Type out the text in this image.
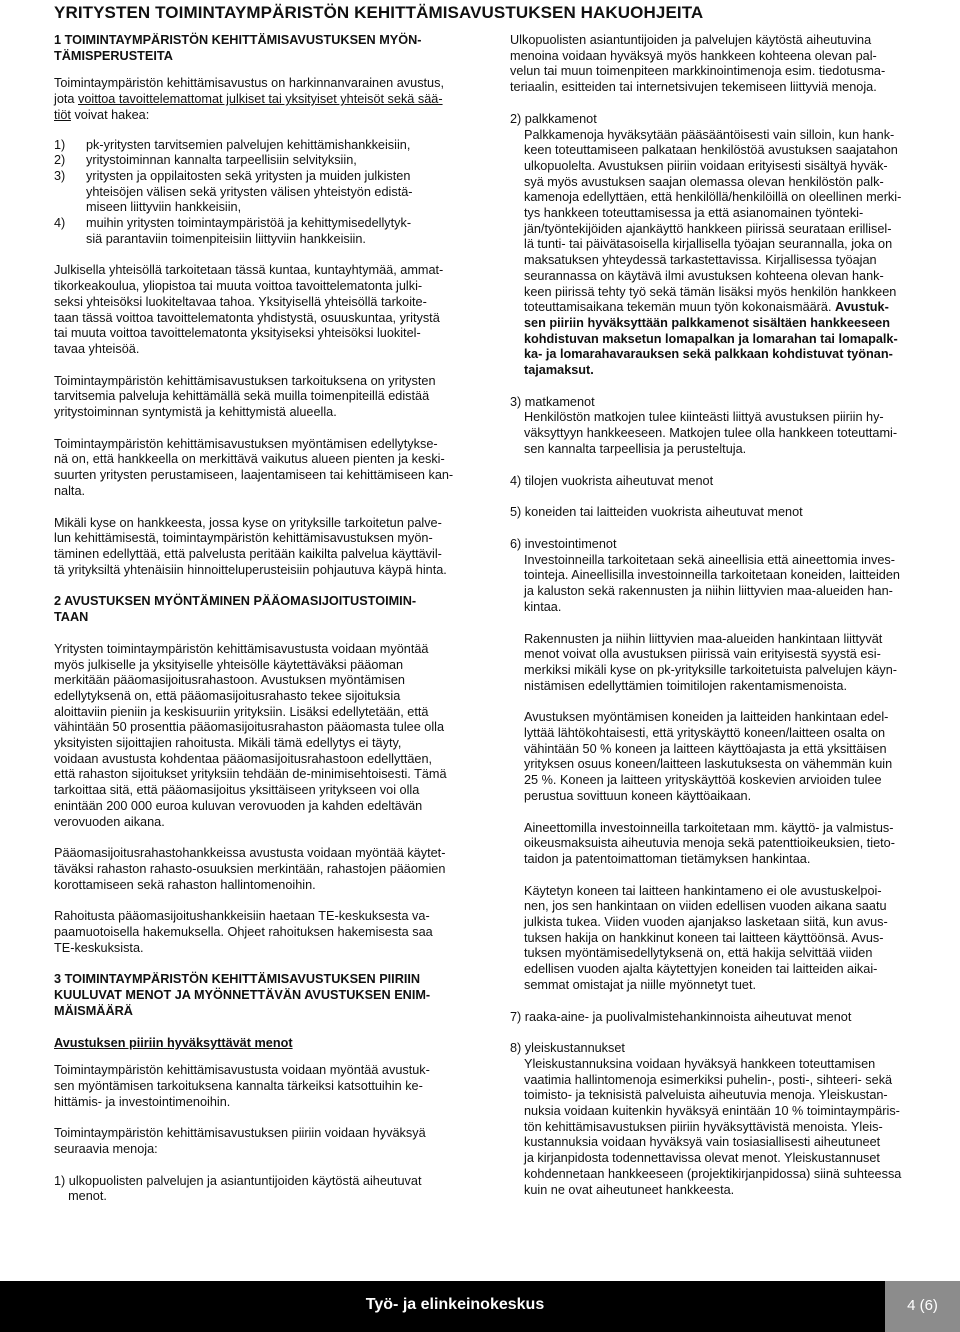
YRITYSTEN TOIMINTAYMPÄRISTÖN KEHITTÄMISAVUSTUKSEN HAKUOHJEITA

1 TOIMINTAYMPÄRISTÖN KEHITTÄMISAVUSTUKSEN MYÖN-
TÄMISPERUSTEITA

Toimintaympäristön kehittämisavustus on harkinnanvarainen avustus,
jota voittoa tavoittelemattomat julkiset tai yksityiset yhteisöt sekä sää-
tiöt voivat hakea:

1) pk-yritysten tarvitsemien palvelujen kehittämishankkeisiin,
2) yritystoiminnan kannalta tarpeellisiin selvityksiin,
3) yritysten ja oppilaitosten sekä yritysten ja muiden julkisten
yhteisöjen välisen sekä yritysten välisen yhteistyön edistä-
miseen liittyviin hankkeisiin,
4) muihin yritysten toimintaympäristöä ja kehittymisedellytyk-
siä parantaviin toimenpiteisiin liittyviin hankkeisiin.

Julkisella yhteisöllä tarkoitetaan tässä kuntaa, kuntayhtymää, ammat-
tikorkeakoulua, yliopistoa tai muuta voittoa tavoittelematonta julki-
seksi yhteisöksi luokiteltavaa tahoa. Yksityisellä yhteisöllä tarkoite-
taan tässä voittoa tavoittelematonta yhdistystä, osuuskuntaa, yritystä
tai muuta voittoa tavoittelematonta yksityiseksi yhteisöksi luokitel-
tavaa yhteisöä.

Toimintaympäristön kehittämisavustuksen tarkoituksena on yritysten
tarvitsemia palveluja kehittämällä sekä muilla toimenpiteillä edistää
yritystoiminnan syntymistä ja kehittymistä alueella.

Toimintaympäristön kehittämisavustuksen myöntämisen edellytykse-
nä on, että hankkeella on merkittävä vaikutus alueen pienten ja keski-
suurten yritysten perustamiseen, laajentamiseen tai kehittämiseen kan-
nalta.

Mikäli kyse on hankkeesta, jossa kyse on yrityksille tarkoitetun palve-
lun kehittämisestä, toimintaympäristön kehittämisavustuksen myön-
täminen edellyttää, että palvelusta peritään kaikilta palvelua käyttävil-
tä yrityksiltä yhtenäisiin hinnoitteluperusteisiin pohjautuva käypä hinta.

2 AVUSTUKSEN MYÖNTÄMINEN PÄÄOMASIJOITUSTOIMIN-
TAAN

Yritysten toimintaympäristön kehittämisavustusta voidaan myöntää
myös julkiselle ja yksityiselle yhteisölle käytettäväksi pääoman
merkitään pääomasijoitusrahastoon. Avustuksen myöntämisen
edellytyksenä on, että pääomasijoitusrahasto tekee sijoituksia
aloittaviin pieniin ja keskisuuriin yrityksiin. Lisäksi edellytetään, että
vähintään 50 prosenttia pääomasijoitusrahaston pääomasta tulee olla
yksityisten sijoittajien rahoitusta. Mikäli tämä edellytys ei täyty,
voidaan avustusta kohdentaa pääomasijoitusrahastoon edellyttäen,
että rahaston sijoitukset yrityksiin tehdään de-minimisehtoisesti. Tämä
tarkoittaa sitä, että pääomasijoitus yksittäiseen yritykseen voi olla
enintään 200 000 euroa kuluvan verovuoden ja kahden edeltävän
verovuoden aikana.

Pääomasijoitusrahastohankkeissa avustusta voidaan myöntää käytet-
täväksi rahaston rahasto-osuuksien merkintään, rahastojen pääomien
korottamiseen sekä rahaston hallintomenoihin.

Rahoitusta pääomasijoitushankkeisiin haetaan TE-keskuksesta va-
paamuotoisella hakemuksella. Ohjeet rahoituksen hakemisesta saa
TE-keskuksista.

3 TOIMINTAYMPÄRISTÖN KEHITTÄMISAVUSTUKSEN PIIRIIN
KUULUVAT MENOT JA MYÖNNETTÄVÄN AVUSTUKSEN ENIM-
MÄISMÄÄRÄ

Avustuksen piiriin hyväksyttävät menot

Toimintaympäristön kehittämisavustusta voidaan myöntää avustuk-
sen myöntämisen tarkoituksena kannalta tärkeiksi katsottuihin ke-
hittämis- ja investointimenoihin.

Toimintaympäristön kehittämisavustuksen piiriin voidaan hyväksyä
seuraavia menoja:

1) ulkopuolisten palvelujen ja asiantuntijoiden käytöstä aiheutuvat
menot.

Ulkopuolisten asiantuntijoiden ja palvelujen käytöstä aiheutuvina
menoina voidaan hyväksyä myös hankkeen kohteena olevan pal-
velun tai muun toimenpiteen markkinointimenoja esim. tiedotusma-
teriaalin, esitteiden tai internetsivujen tekemiseen liittyviä menoja.

2) palkkamenot

Palkkamenoja hyväksytään pääsääntöisesti vain silloin, kun hank-
keen toteuttamiseen palkataan henkilöstöä avustuksen saajatahon
ulkopuolelta. Avustuksen piiriin voidaan erityisesti sisältyä hyväk-
syä myös avustuksen saajan olemassa olevan henkilöstön palk-
kamenoja edellyttäen, että henkilöllä/henkilöillä on oleellinen merki-
tys hankkeen toteuttamisessa ja että asianomainen työnteki-
jän/työntekijöiden ajankäyttö hankkeen piirissä seurataan erillisel-
lä tunti- tai päivätasoisella kirjallisella työajan seurannalla, joka on
maksatuksen yhteydessä tarkastettavissa. Kirjallisessa työajan
seurannassa on käytävä ilmi avustuksen kohteena olevan hank-
keen piirissä tehty työ sekä tämän lisäksi myös henkilön hankkeen

toteuttamisaikana tekemän muun työn kokonaismäärä. Avustuk-

sen piiriin hyväksyttään palkkamenot sisältäen hankkeeseen
kohdistuvan maksetun lomapalkan ja lomarahan tai lomapalk-
ka- ja lomarahavarauksen sekä palkkaan kohdistuvat työnan-
tajamaksut.

3) matkamenot

Henkilöstön matkojen tulee kiinteästi liittyä avustuksen piiriin hy-
väksyttyyn hankkeeseen. Matkojen tulee olla hankkeen toteuttami-
sen kannalta tarpeellisia ja perusteltuja.

4) tilojen vuokrista aiheutuvat menot

5) koneiden tai laitteiden vuokrista aiheutuvat menot

6) investointimenot

Investoinneilla tarkoitetaan sekä aineellisia että aineettomia inves-
tointeja. Aineellisilla investoinneilla tarkoitetaan koneiden, laitteiden
ja kaluston sekä rakennusten ja niihin liittyvien maa-alueiden han-
kintaa.

Rakennusten ja niihin liittyvien maa-alueiden hankintaan liittyvät
menot voivat olla avustuksen piirissä vain erityisestä syystä esi-
merkiksi mikäli kyse on pk-yrityksille tarkoitetuista palvelujen käyn-
nistämisen edellyttämien toimitilojen rakentamismenoista.

Avustuksen myöntämisen koneiden ja laitteiden hankintaan edel-
lyttää lähtökohtaisesti, että yrityskäyttö koneen/laitteen osalta on
vähintään 50 % koneen ja laitteen käyttöajasta ja että yksittäisen
yrityksen osuus koneen/laitteen laskutuksesta on vähemmän kuin
25 %. Koneen ja laitteen yrityskäyttöä koskevien arvioiden tulee
perustua sovittuun koneen käyttöaikaan.

Aineettomilla investoinneilla tarkoitetaan mm. käyttö- ja valmistus-
oikeusmaksuista aiheutuvia menoja sekä patenttioikeuksien, tieto-
taidon ja patentoimattoman tietämyksen hankintaa.

Käytetyn koneen tai laitteen hankintameno ei ole avustuskelpoi-
nen, jos sen hankintaan on viiden edellisen vuoden aikana saatu
julkista tukea. Viiden vuoden ajanjakso lasketaan siitä, kun avus-
tuksen hakija on hankkinut koneen tai laitteen käyttöönsä. Avus-
tuksen myöntämisedellytyksenä on, että hakija selvittää viiden
edellisen vuoden ajalta käytettyjen koneiden tai laitteiden aikai-
semmat omistajat ja niille myönnetyt tuet.

7) raaka-aine- ja puolivalmistehankinnoista aiheutuvat menot

8) yleiskustannukset

Yleiskustannuksina voidaan hyväksyä hankkeen toteuttamisen
vaatimia hallintomenoja esimerkiksi puhelin-, posti-, sihteeri- sekä
toimisto- ja teknisistä palveluista aiheutuvia menoja. Yleiskustan-
nuksia voidaan kuitenkin hyväksyä enintään 10 % toimintaympäris-
tön kehittämisavustuksen piiriin hyväksyttävistä menoista. Yleis-
kustannuksia voidaan hyväksyä vain tosiasiallisesti aiheutuneet
ja kirjanpidosta todennettavissa olevat menot. Yleiskustannuset
kohdennetaan hankkeeseen (projektikirjanpidossa) siinä suhteessa
kuin ne ovat aiheutuneet hankkeesta.

Työ- ja elinkeinokeskus	4 (6)
